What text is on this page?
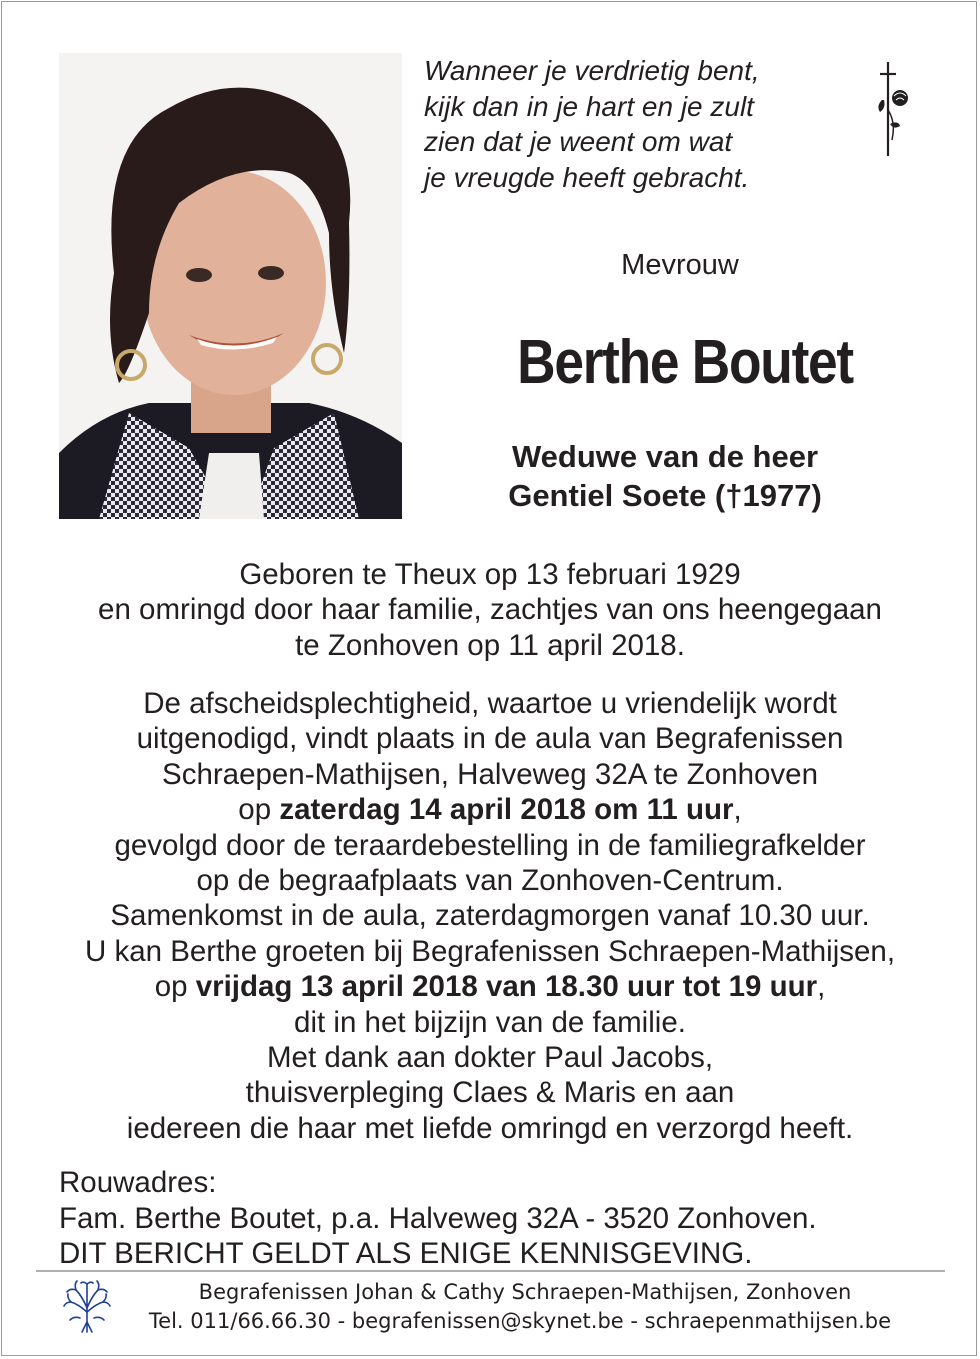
Wanneer je verdrietig bent,
kijk dan in je hart en je zult
zien dat je weent om wat
je vreugde heeft gebracht.
Mevrouw
Berthe Boutet
Weduwe van de heer
Gentiel Soete (†1977)
Geboren te Theux op 13 februari 1929
en omringd door haar familie, zachtjes van ons heengegaan
te Zonhoven op 11 april 2018.
De afscheidsplechtigheid, waartoe u vriendelijk wordt
uitgenodigd, vindt plaats in de aula van Begrafenissen
Schraepen-Mathijsen, Halveweg 32A te Zonhoven
op zaterdag 14 april 2018 om 11 uur,
gevolgd door de teraardebestelling in de familiegrafkelder
op de begraafplaats van Zonhoven-Centrum.
Samenkomst in de aula, zaterdagmorgen vanaf 10.30 uur.
U kan Berthe groeten bij Begrafenissen Schraepen-Mathijsen,
op vrijdag 13 april 2018 van 18.30 uur tot 19 uur,
dit in het bijzijn van de familie.
Met dank aan dokter Paul Jacobs,
thuisverpleging Claes & Maris en aan
iedereen die haar met liefde omringd en verzorgd heeft.
Rouwadres:
Fam. Berthe Boutet, p.a. Halveweg 32A - 3520 Zonhoven.
DIT BERICHT GELDT ALS ENIGE KENNISGEVING.
Begrafenissen Johan & Cathy Schraepen-Mathijsen, Zonhoven
Tel. 011/66.66.30 - begrafenissen@skynet.be - schraepenmathijsen.be
